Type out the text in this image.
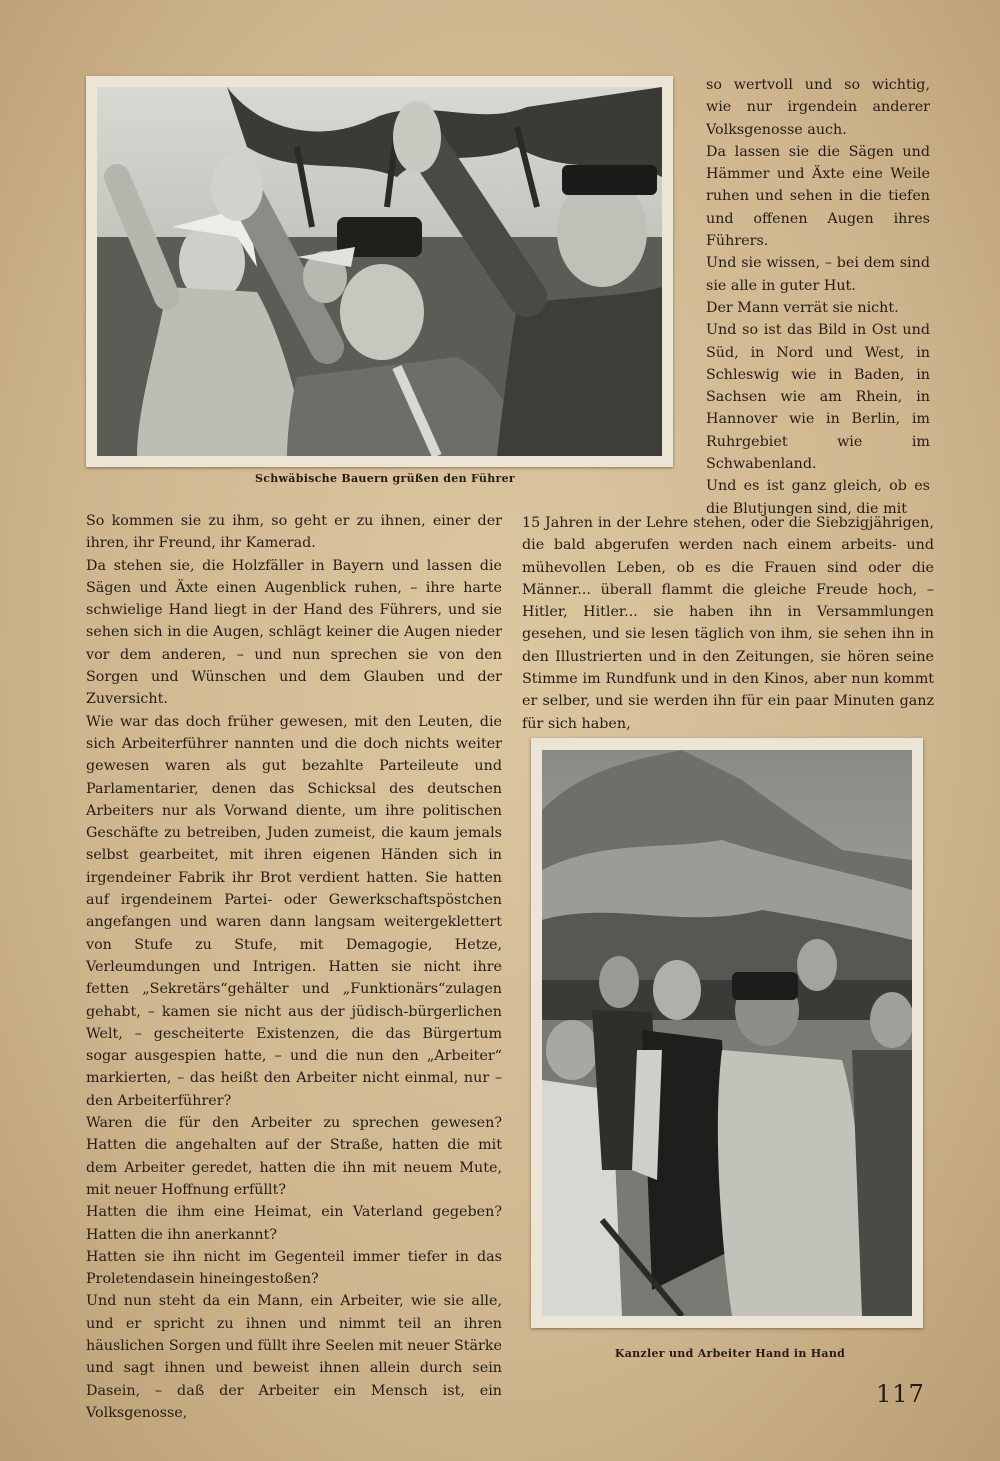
Schwäbische Bauern grüßen den Führer

so wertvoll und so wichtig, wie nur irgendein anderer Volksgenosse auch.

Da lassen sie die Sägen und Hämmer und Äxte eine Weile ruhen und sehen in die tiefen und offenen Augen ihres Führers.

Und sie wissen, – bei dem sind sie alle in guter Hut.

Der Mann verrät sie nicht.

Und so ist das Bild in Ost und Süd, in Nord und West, in Schleswig wie in Baden, in Sachsen wie am Rhein, in Hannover wie in Berlin, im Ruhrgebiet wie im Schwabenland.

Und es ist ganz gleich, ob es die Blutjungen sind, die mit

15 Jahren in der Lehre stehen, oder die Siebzigjährigen, die bald abgerufen werden nach einem arbeits- und mühevollen Leben, ob es die Frauen sind oder die Männer... überall flammt die gleiche Freude hoch, – Hitler, Hitler... sie haben ihn in Versammlungen gesehen, und sie lesen täglich von ihm, sie sehen ihn in den Illustrierten und in den Zeitungen, sie hören seine Stimme im Rundfunk und in den Kinos, aber nun kommt er selber, und sie werden ihn für ein paar Minuten ganz für sich haben,

So kommen sie zu ihm, so geht er zu ihnen, einer der ihren, ihr Freund, ihr Kamerad.

Da stehen sie, die Holzfäller in Bayern und lassen die Sägen und Äxte einen Augenblick ruhen, – ihre harte schwielige Hand liegt in der Hand des Führers, und sie sehen sich in die Augen, schlägt keiner die Augen nieder vor dem anderen, – und nun sprechen sie von den Sorgen und Wünschen und dem Glauben und der Zuversicht.

Wie war das doch früher gewesen, mit den Leuten, die sich Arbeiterführer nannten und die doch nichts weiter gewesen waren als gut bezahlte Parteileute und Parlamentarier, denen das Schicksal des deutschen Arbeiters nur als Vorwand diente, um ihre politischen Geschäfte zu betreiben, Juden zumeist, die kaum jemals selbst gearbeitet, mit ihren eigenen Händen sich in irgendeiner Fabrik ihr Brot verdient hatten. Sie hatten auf irgendeinem Partei- oder Gewerkschaftspöstchen angefangen und waren dann langsam weitergeklettert von Stufe zu Stufe, mit Demagogie, Hetze, Verleumdungen und Intrigen. Hatten sie nicht ihre fetten „Sekretärs“gehälter und „Funktionärs“zulagen gehabt, – kamen sie nicht aus der jüdisch-bürgerlichen Welt, – gescheiterte Existenzen, die das Bürgertum sogar ausgespien hatte, – und die nun den „Arbeiter“ markierten, – das heißt den Arbeiter nicht einmal, nur – den Arbeiterführer?

Waren die für den Arbeiter zu sprechen gewesen? Hatten die angehalten auf der Straße, hatten die mit dem Arbeiter geredet, hatten die ihn mit neuem Mute, mit neuer Hoffnung erfüllt?

Hatten die ihm eine Heimat, ein Vaterland gegeben? Hatten die ihn anerkannt?

Hatten sie ihn nicht im Gegenteil immer tiefer in das Proletendasein hineingestoßen?

Und nun steht da ein Mann, ein Arbeiter, wie sie alle, und er spricht zu ihnen und nimmt teil an ihren häuslichen Sorgen und füllt ihre Seelen mit neuer Stärke und sagt ihnen und beweist ihnen allein durch sein Dasein, – daß der Arbeiter ein Mensch ist, ein Volksgenosse,

Kanzler und Arbeiter Hand in Hand
117
